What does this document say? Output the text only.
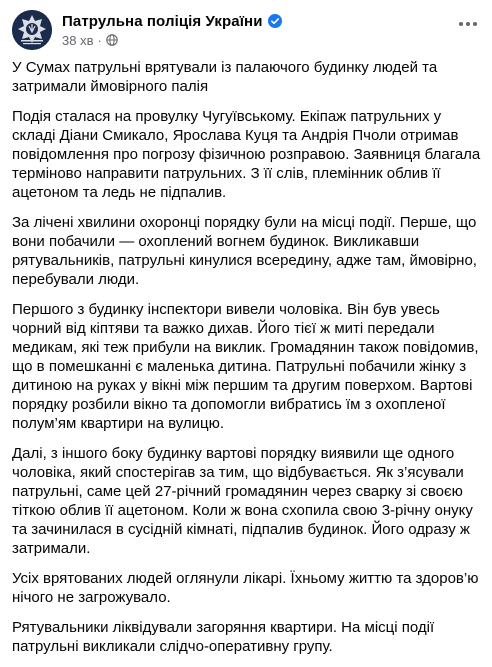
Патрульна поліція України
38 хв ·

У Сумах патрульні врятували із палаючого будинку людей та затримали ймовірного палія

Подія сталася на провулку Чугуївському. Екіпаж патрульних у складі Діани Смикало, Ярослава Куця та Андрія Пчоли отримав повідомлення про погрозу фізичною розправою. Заявниця благала терміново направити патрульних. З її слів, племінник облив її ацетоном та ледь не підпалив.

За лічені хвилини охоронці порядку були на місці події. Перше, що вони побачили — охоплений вогнем будинок. Викликавши рятувальників, патрульні кинулися всередину, адже там, ймовірно, перебували люди.

Першого з будинку інспектори вивели чоловіка. Він був увесь чорний від кіптяви та важко дихав. Його тієї ж миті передали медикам, які теж прибули на виклик. Громадянин також повідомив, що в помешканні є маленька дитина. Патрульні побачили жінку з дитиною на руках у вікні між першим та другим поверхом. Вартові порядку розбили вікно та допомогли вибратись їм з охопленої полум’ям квартири на вулицю.

Далі, з іншого боку будинку вартові порядку виявили ще одного чоловіка, який спостерігав за тим, що відбувається. Як з’ясували патрульні, саме цей 27-річний громадянин через сварку зі своєю тіткою облив її ацетоном. Коли ж вона схопила свою 3-річну онуку та зачинилася в сусідній кімнаті, підпалив будинок. Його одразу ж затримали.

Усіх врятованих людей оглянули лікарі. Їхньому життю та здоров’ю нічого не загрожувало.

Рятувальники ліквідували загоряння квартири. На місці події патрульні викликали слідчо-оперативну групу.
